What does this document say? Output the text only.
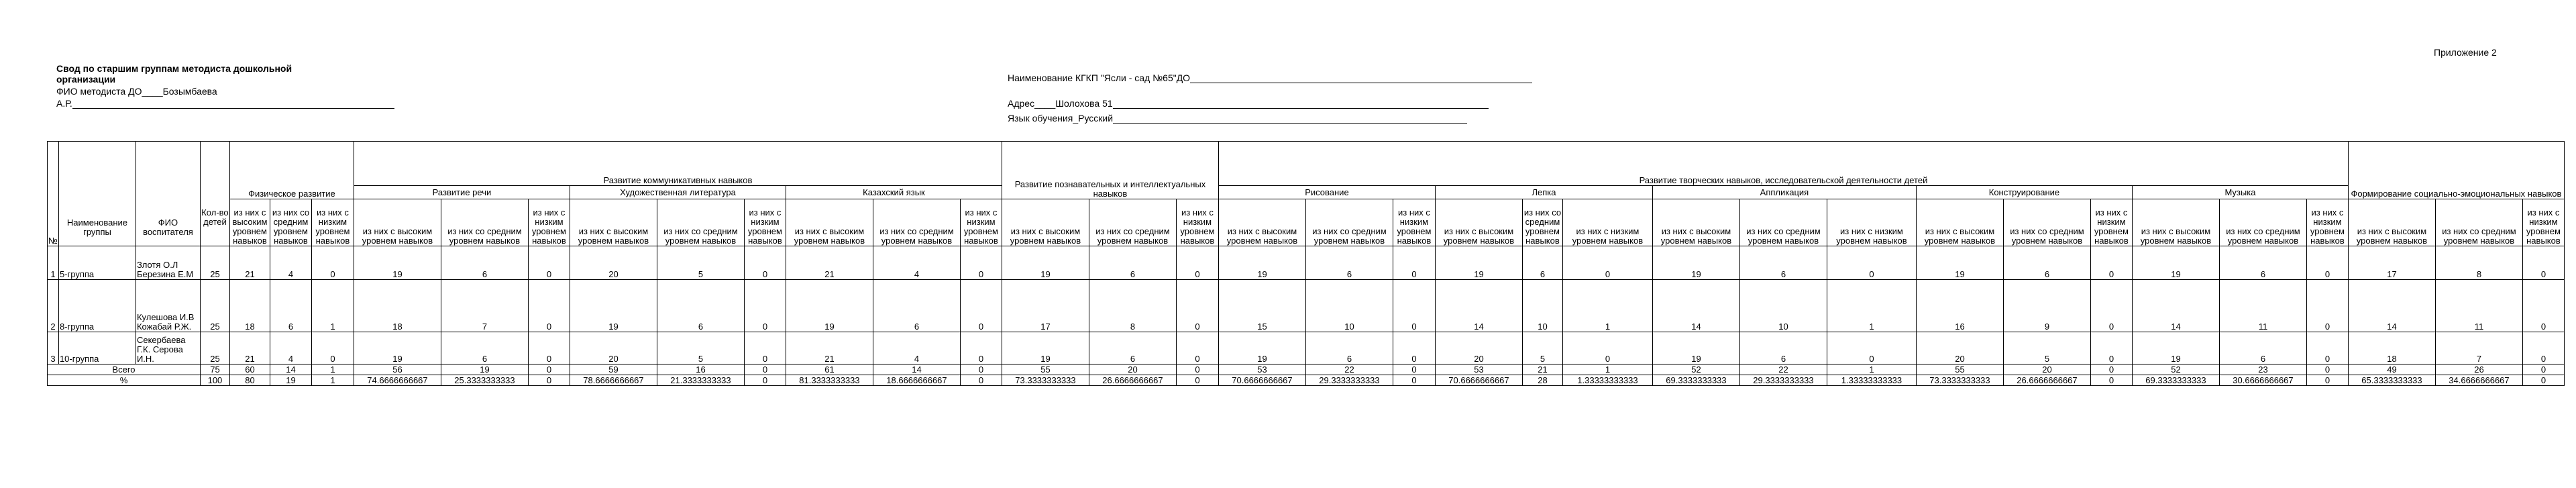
Приложение 2
Свод по старшим группам методиста дошкольной
организации
ФИО методиста ДО____Бозымбаева
А.Р.
Наименование КГКП "Ясли - сад №65"ДО
Адрес____Шолохова 51
Язык обучения_Русский
№	Наименование группы	ФИО воспитателя	Кол-во детей	Физическое развитие			Развитие коммуникативных навыков									Развитие познавательных и интеллектуальных навыков			Развитие творческих навыков, исследовательской деятельности детей															Формирование социально-эмоциональных навыков		
							Развитие речи			Художественная литература			Казахский язык						Рисование			Лепка			Аппликация			Конструирование			Музыка					
				из них с высоким уровнем навыков	из них со средним уровнем навыков	из них с низким уровнем навыков	из них с высоким уровнем навыков	из них со средним уровнем навыков	из них с низким уровнем навыков	из них с высоким уровнем навыков	из них со средним уровнем навыков	из них с низким уровнем навыков	из них с высоким уровнем навыков	из них со средним уровнем навыков	из них с низким уровнем навыков	из них с высоким уровнем навыков	из них со средним уровнем навыков	из них с низким уровнем навыков	из них с высоким уровнем навыков	из них со средним уровнем навыков	из них с низким уровнем навыков	из них с высоким уровнем навыков	из них со средним уровнем навыков	из них с низким уровнем навыков	из них с высоким уровнем навыков	из них со средним уровнем навыков	из них с низким уровнем навыков	из них с высоким уровнем навыков	из них со средним уровнем навыков	из них с низким уровнем навыков	из них с высоким уровнем навыков	из них со средним уровнем навыков	из них с низким уровнем навыков	из них с высоким уровнем навыков	из них со средним уровнем навыков	из них с низким уровнем навыков
1	5-группа	Злотя О.Л Березина Е.М	25	21	4	0	19	6	0	20	5	0	21	4	0	19	6	0	19	6	0	19	6	0	19	6	0	19	6	0	19	6	0	17	8	0
2	8-группа	Кулешова И.В Кожабай Р.Ж.	25	18	6	1	18	7	0	19	6	0	19	6	0	17	8	0	15	10	0	14	10	1	14	10	1	16	9	0	14	11	0	14	11	0
3	10-группа	Секербаева Г.К. Серова И.Н.	25	21	4	0	19	6	0	20	5	0	21	4	0	19	6	0	19	6	0	20	5	0	19	6	0	20	5	0	19	6	0	18	7	0
Всего			75	60	14	1	56	19	0	59	16	0	61	14	0	55	20	0	53	22	0	53	21	1	52	22	1	55	20	0	52	23	0	49	26	0
%			100	80	19	1	74.6666666667	25.3333333333	0	78.6666666667	21.3333333333	0	81.3333333333	18.6666666667	0	73.3333333333	26.6666666667	0	70.6666666667	29.3333333333	0	70.6666666667	28	1.33333333333	69.3333333333	29.3333333333	1.33333333333	73.3333333333	26.6666666667	0	69.3333333333	30.6666666667	0	65.3333333333	34.6666666667	0
